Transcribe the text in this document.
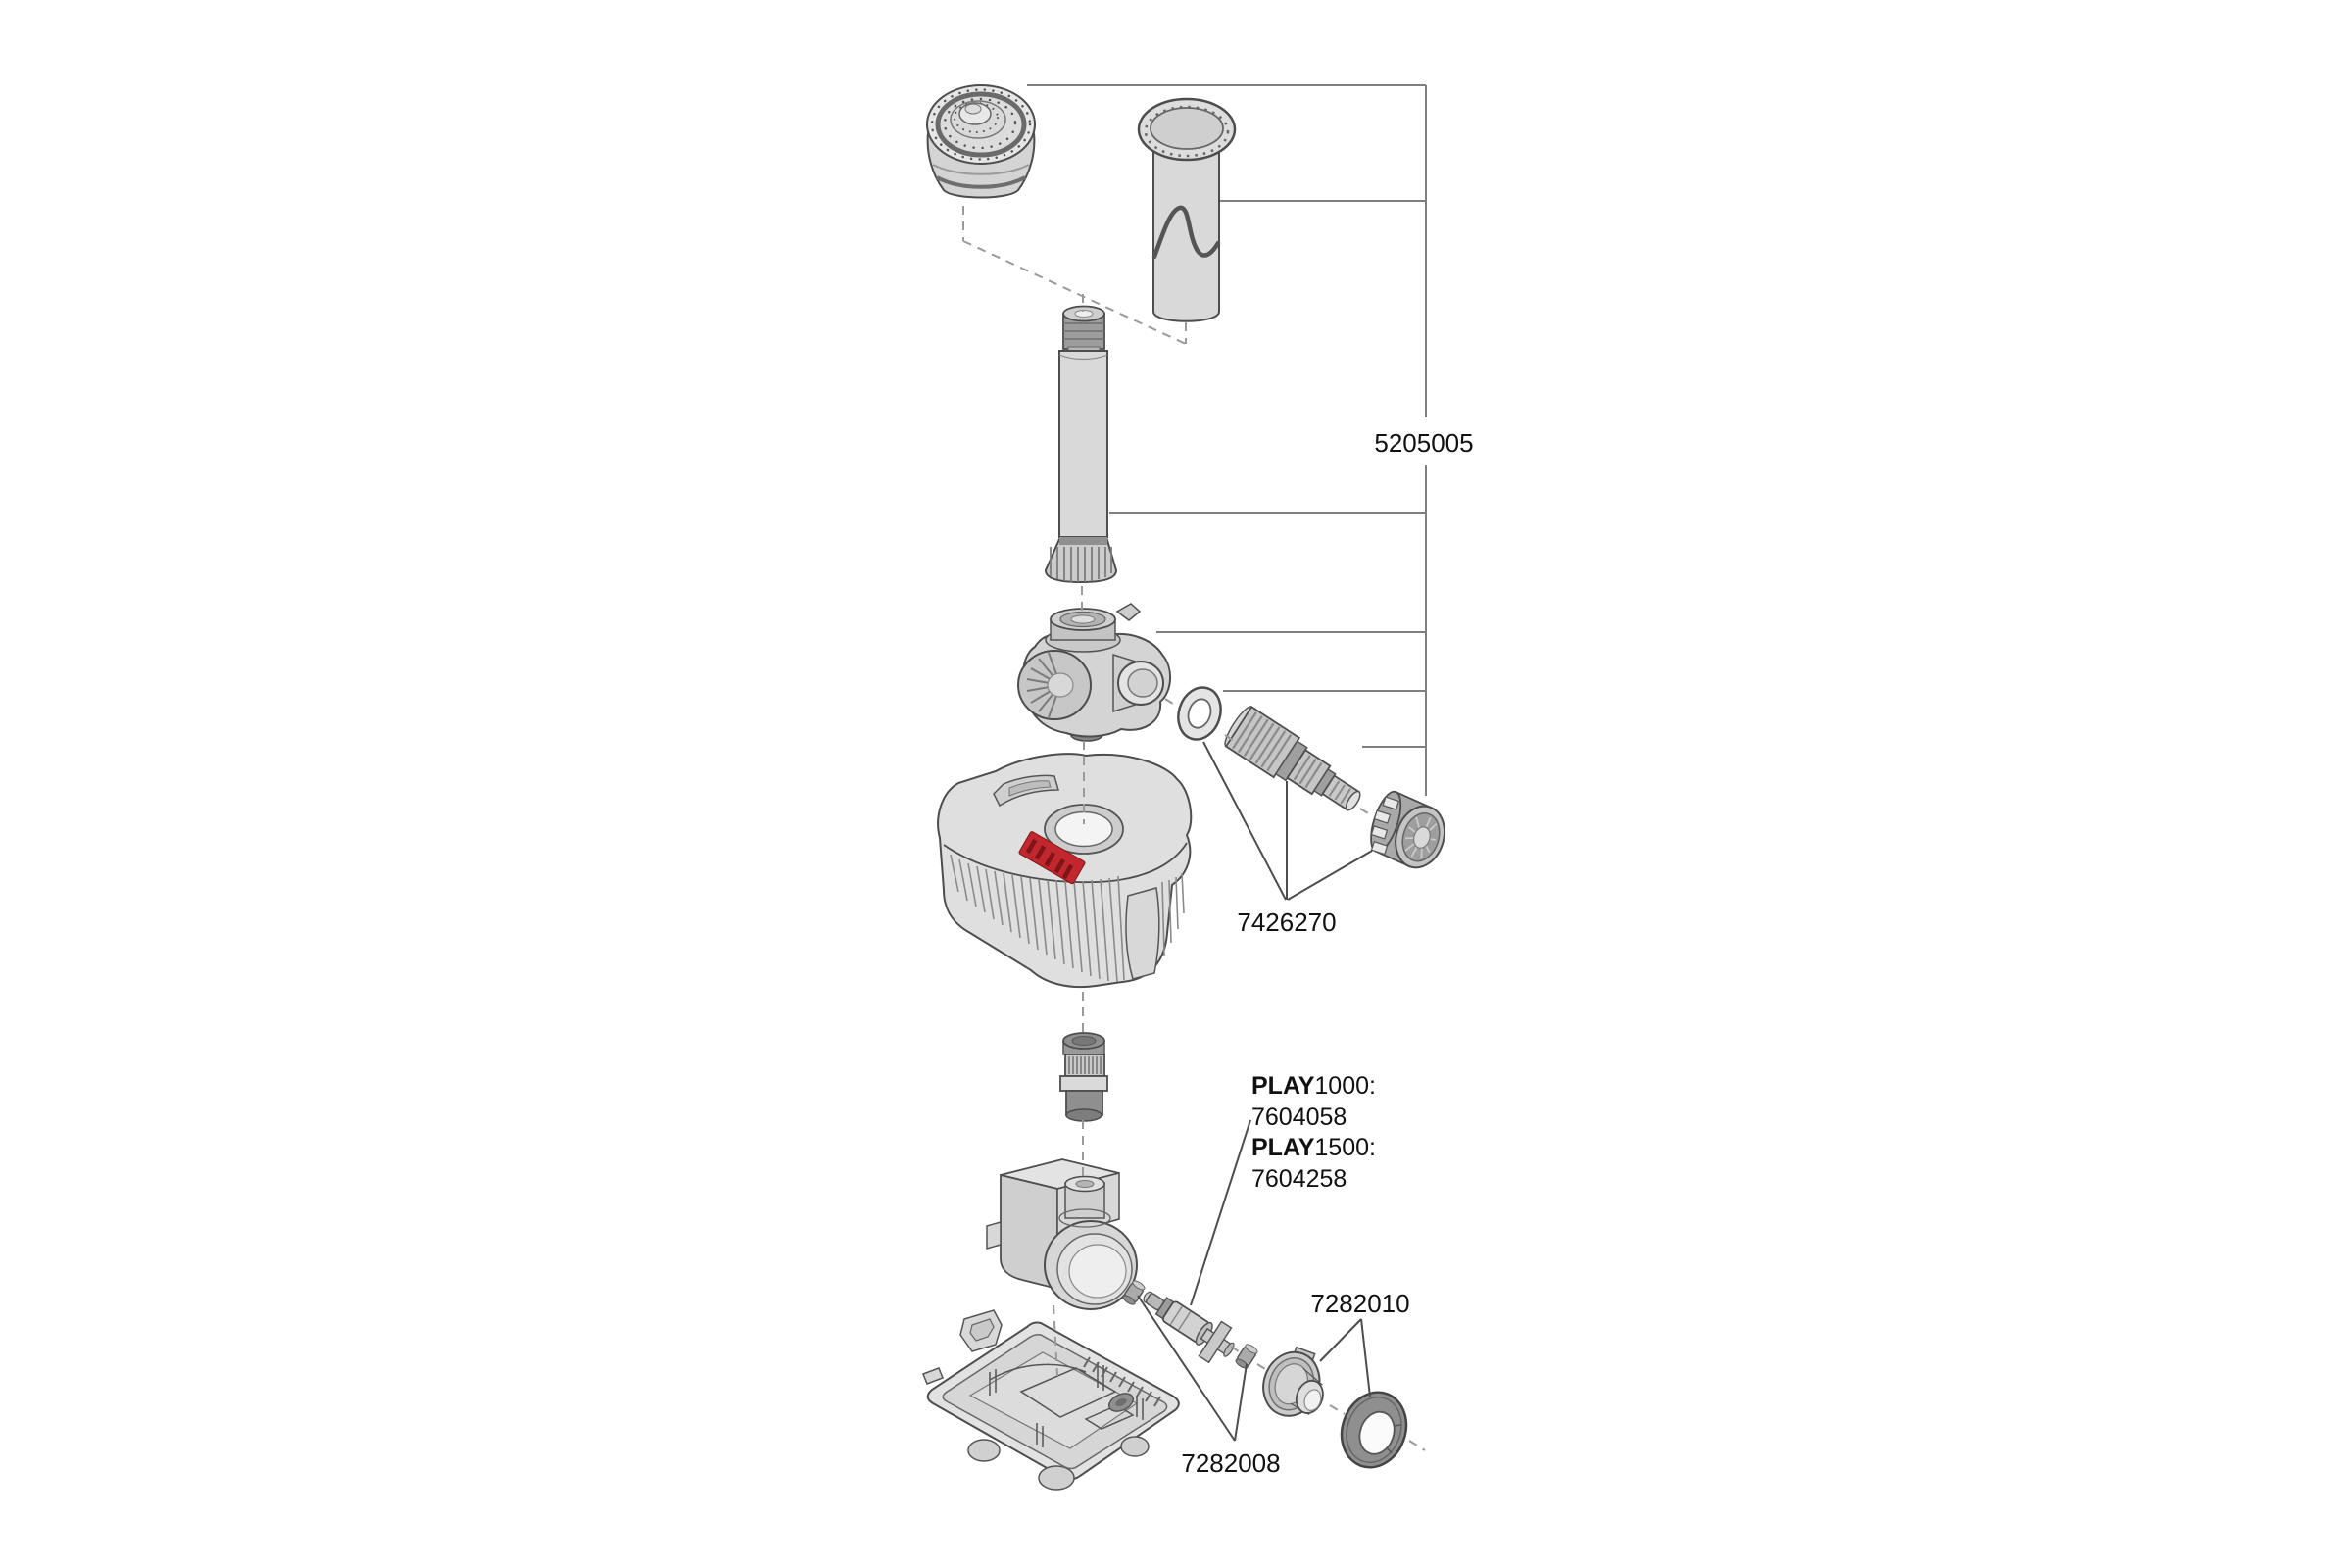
5205005
7426270
PLAY1000: 7604058 PLAY1500: 7604258
7282010
7282008
